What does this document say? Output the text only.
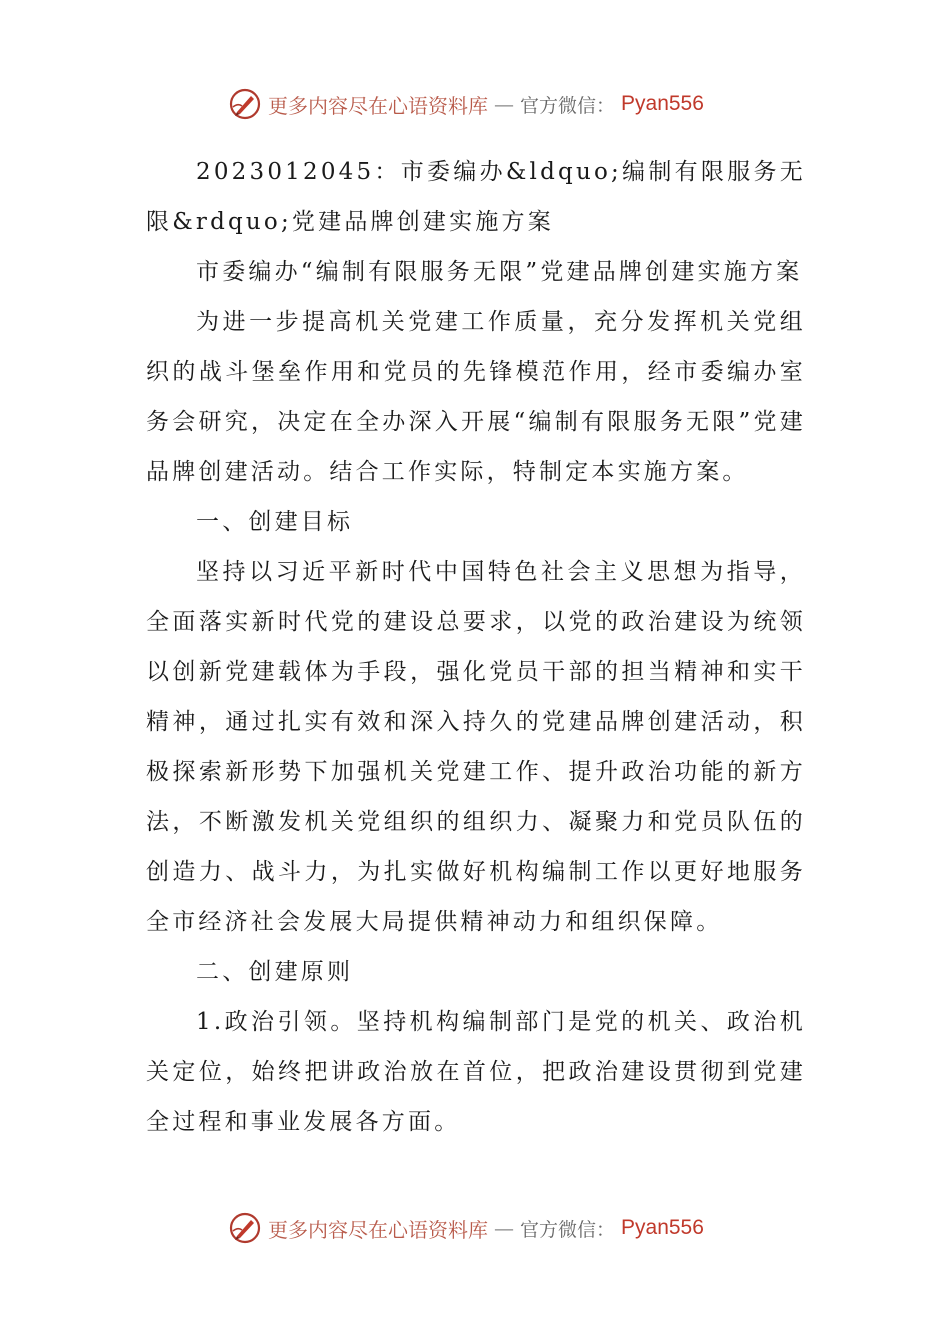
更多内容尽在心语资料库 — 官方微信： Pyan556

2023012045：市委编办&ldquo;编制有限服务无限&rdquo;党建品牌创建实施方案

市委编办“编制有限服务无限”党建品牌创建实施方案

为进一步提高机关党建工作质量，充分发挥机关党组织的战斗堡垒作用和党员的先锋模范作用，经市委编办室务会研究，决定在全办深入开展“编制有限服务无限”党建品牌创建活动。结合工作实际，特制定本实施方案。

一、创建目标

坚持以习近平新时代中国特色社会主义思想为指导，全面落实新时代党的建设总要求，以党的政治建设为统领以创新党建载体为手段，强化党员干部的担当精神和实干精神，通过扎实有效和深入持久的党建品牌创建活动，积极探索新形势下加强机关党建工作、提升政治功能的新方法，不断激发机关党组织的组织力、凝聚力和党员队伍的创造力、战斗力，为扎实做好机构编制工作以更好地服务全市经济社会发展大局提供精神动力和组织保障。

二、创建原则

1.政治引领。坚持机构编制部门是党的机关、政治机关定位，始终把讲政治放在首位，把政治建设贯彻到党建全过程和事业发展各方面。

更多内容尽在心语资料库 — 官方微信： Pyan556
